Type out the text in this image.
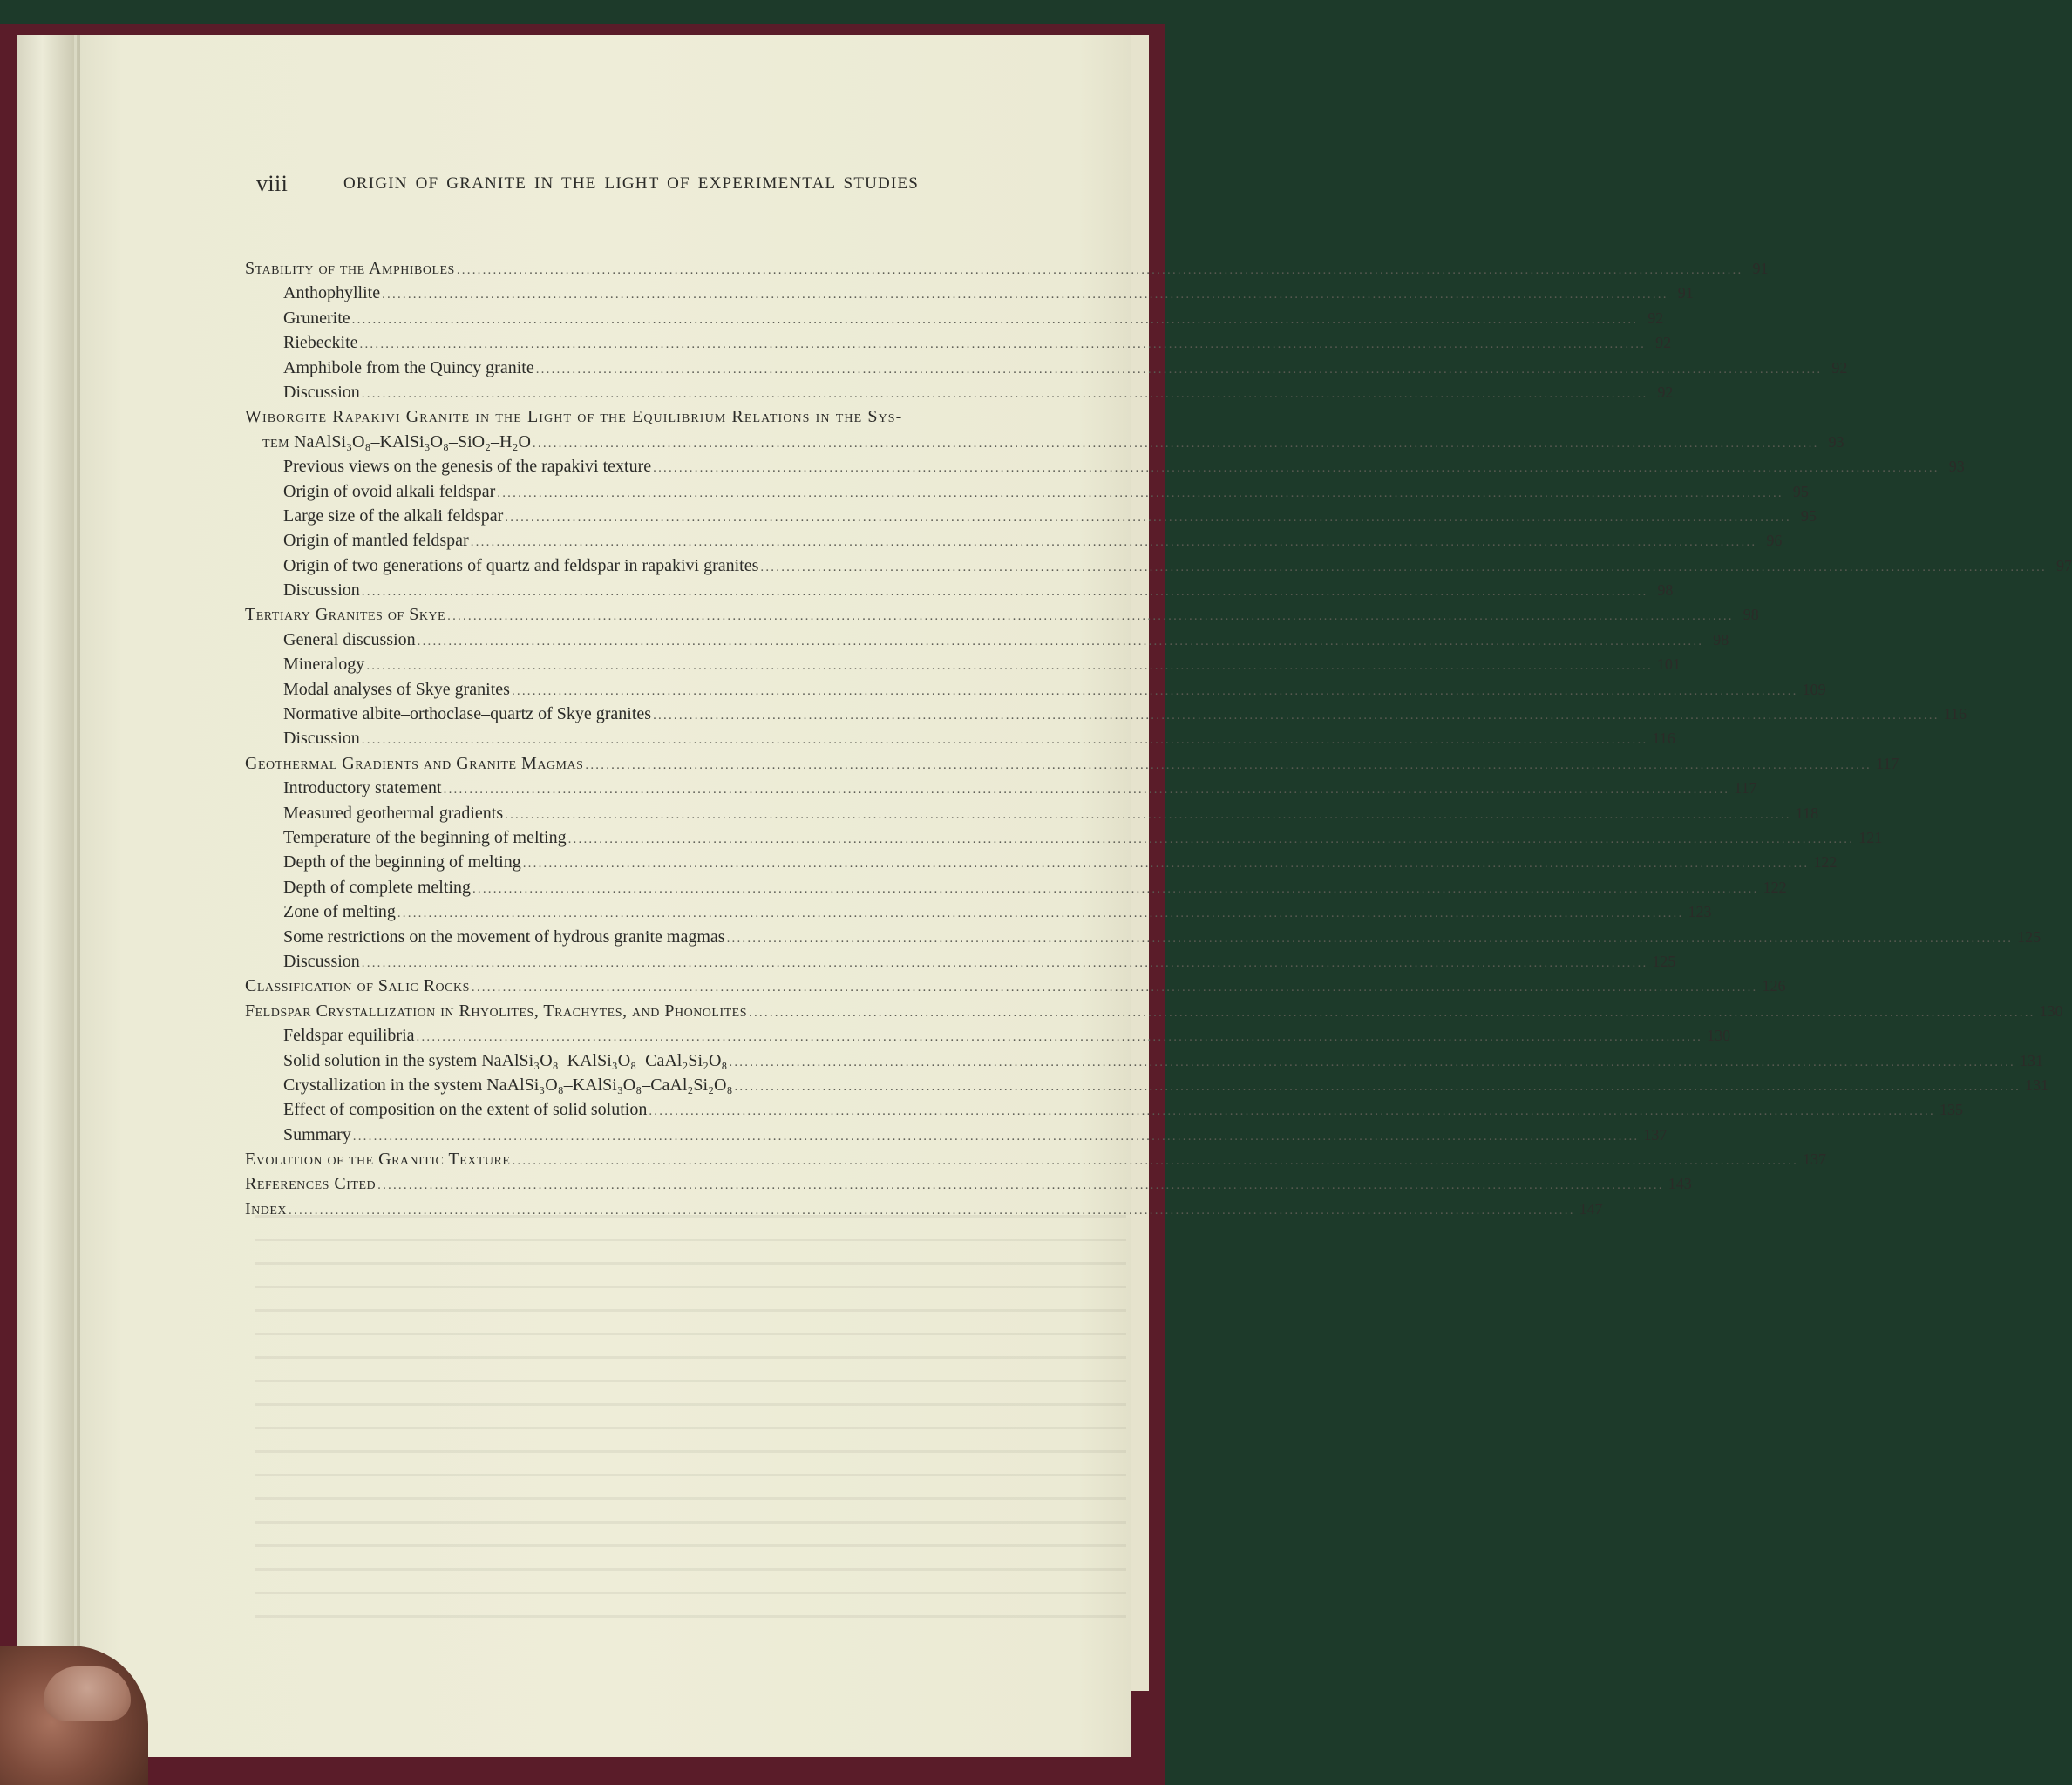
viii	ORIGIN OF GRANITE IN THE LIGHT OF EXPERIMENTAL STUDIES
Stability of the Amphiboles .....	91
Anthophyllite .....	91
Grunerite .....	92
Riebeckite .....	92
Amphibole from the Quincy granite .....	92
Discussion .....	92
Wiborgite Rapakivi Granite in the Light of the Equilibrium Relations in the Sys-
tem NaAlSi₃O₈–KAlSi₃O₈–SiO₂–H₂O .....	93
Previous views on the genesis of the rapakivi texture .....	93
Origin of ovoid alkali feldspar .....	95
Large size of the alkali feldspar .....	95
Origin of mantled feldspar .....	96
Origin of two generations of quartz and feldspar in rapakivi granites .....	97
Discussion .....	98
Tertiary Granites of Skye .....	98
General discussion .....	98
Mineralogy .....	101
Modal analyses of Skye granites .....	109
Normative albite–orthoclase–quartz of Skye granites .....	116
Discussion .....	116
Geothermal Gradients and Granite Magmas .....	117
Introductory statement .....	117
Measured geothermal gradients .....	118
Temperature of the beginning of melting .....	121
Depth of the beginning of melting .....	122
Depth of complete melting .....	122
Zone of melting .....	123
Some restrictions on the movement of hydrous granite magmas .....	125
Discussion .....	125
Classification of Salic Rocks .....	126
Feldspar Crystallization in Rhyolites, Trachytes, and Phonolites .....	130
Feldspar equilibria .....	130
Solid solution in the system NaAlSi₃O₈–KAlSi₃O₈–CaAl₂Si₂O₈ .....	131
Crystallization in the system NaAlSi₃O₈–KAlSi₃O₈–CaAl₂Si₂O₈ .....	131
Effect of composition on the extent of solid solution .....	135
Summary .....	137
Evolution of the Granitic Texture .....	137
References Cited .....	143
Index .....	147
